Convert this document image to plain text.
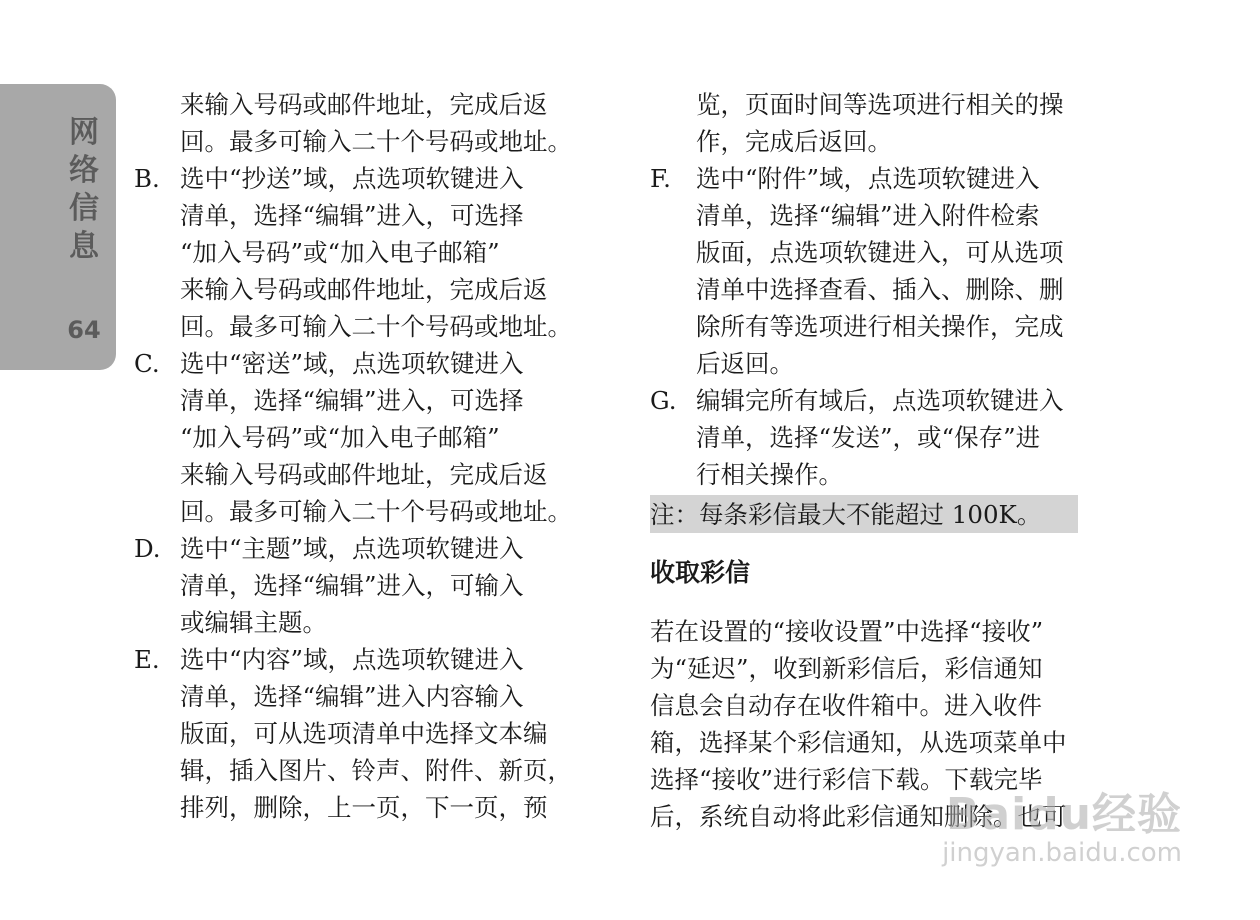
网
络
信
息
64
来输入号码或邮件地址，完成后返
回。最多可输入二十个号码或地址。
B. 选中“抄送”域，点选项软键进入
清单，选择“编辑”进入，可选择
“加入号码”或“加入电子邮箱”
来输入号码或邮件地址，完成后返
回。最多可输入二十个号码或地址。
C. 选中“密送”域，点选项软键进入
清单，选择“编辑”进入，可选择
“加入号码”或“加入电子邮箱”
来输入号码或邮件地址，完成后返
回。最多可输入二十个号码或地址。
D. 选中“主题”域，点选项软键进入
清单，选择“编辑”进入，可输入
或编辑主题。
E. 选中“内容”域，点选项软键进入
清单，选择“编辑”进入内容输入
版面，可从选项清单中选择文本编
辑，插入图片、铃声、附件、新页，
排列，删除，上一页，下一页，预
览，页面时间等选项进行相关的操
作，完成后返回。
F.	选中“附件”域，点选项软键进入
清单，选择“编辑”进入附件检索
版面，点选项软键进入，可从选项
清单中选择查看、插入、删除、删
除所有等选项进行相关操作，完成
后返回。
G. 编辑完所有域后，点选项软键进入
清单，选择“发送”，或“保存”进
行相关操作。
注：每条彩信最大不能超过 100K。
收取彩信
若在设置的“接收设置”中选择“接收”
为“延迟”，收到新彩信后，彩信通知
信息会自动存在收件箱中。进入收件
箱，选择某个彩信通知，从选项菜单中
选择“接收”进行彩信下载。下载完毕
后，系统自动将此彩信通知删除。也可
Baidu经验
jingyan.baidu.com
